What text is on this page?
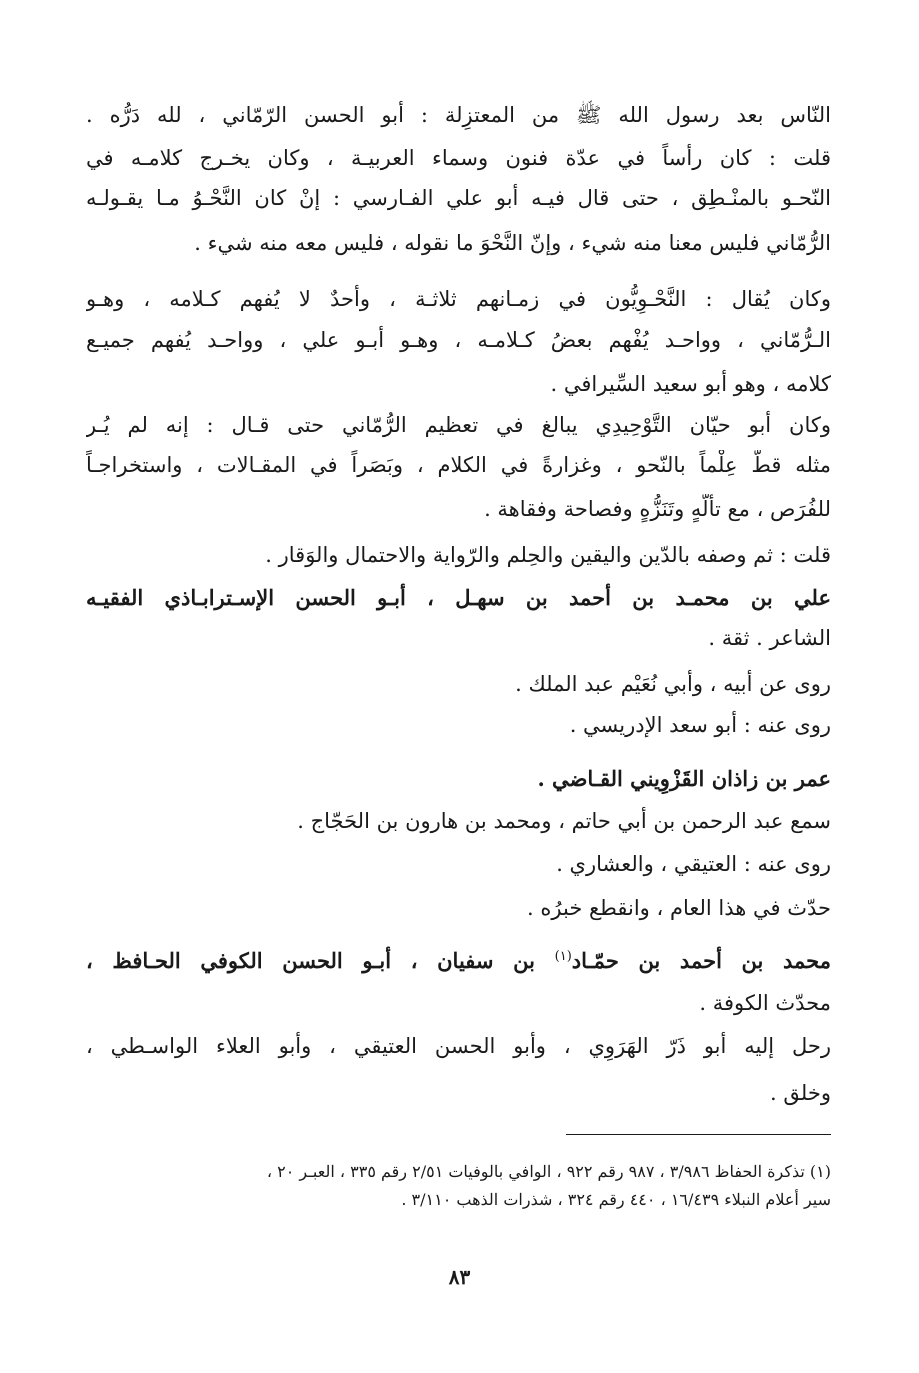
النّاس بعد رسول الله ﷺ من المعتزِلة : أبو الحسن الرّمّاني ، لله دَرُّه .
قلت : كان رأساً في عدّة فنون وسماء العربيـة ، وكان يخـرج كلامـه في
النّحـو بالمنْـطِق ، حتى قال فيـه أبو علي الفـارسي : إنْ كان النَّحْـوُ مـا يقـولـه
الرُّمّاني فليس معنا منه شيء ، وإنّ النَّحْوَ ما نقوله ، فليس معه منه شيء .
وكان يُقال : النَّحْـوِيُّون في زمـانهم ثلاثـة ، وأحدٌ لا يُفهم كـلامه ، وهـو
الـرُّمّاني ، وواحـد يُفْهم بعضُ كـلامـه ، وهـو أبـو علي ، وواحـد يُفهم جميـع
كلامه ، وهو أبو سعيد السِّيرافي .
وكان أبو حيّان التَّوْحِيدِي يبالغ في تعظيم الرُّمّاني حتى قـال : إنه لم يُـر
مثله قطّ عِلْماً بالنّحو ، وغزارةً في الكلام ، وبَصَراً في المقـالات ، واستخراجـاً
للفُرَص ، مع تألُّهٍ وتَنَزُّهٍ وفصاحة وفقاهة .
قلت : ثم وصفه بالدّين واليقين والحِلم والرّواية والاحتمال والوَقار .
علي بن محمـد بن أحمد بن سهـل ، أبـو الحسن الإسـترابـاذي الفقيـه
الشاعر . ثقة .
روى عن أبيه ، وأبي نُعَيْم عبد الملك .
روى عنه : أبو سعد الإدريسي .
عمر بن زاذان القَزْوِيني القـاضي .
سمع عبد الرحمن بن أبي حاتم ، ومحمد بن هارون بن الحَجّاج .
روى عنه : العتيقي ، والعشاري .
حدّث في هذا العام ، وانقطع خبرُه .
محمد بن أحمد بن حمّـاد$^{(١)}$ بن سفيان ، أبـو الحسن الكوفي الحـافظ ،
محدّث الكوفة .
رحل إليه أبو ذَرّ الهَرَوِي ، وأبو الحسن العتيقي ، وأبو العلاء الواسـطي ،
وخلق .
(١) تذكرة الحفاظ ٣/٩٨٦ ، ٩٨٧ رقم ٩٢٢ ، الوافي بالوفيات ٢/٥١ رقم ٣٣٥ ، العبـر ٢٠ ،
سير أعلام النبلاء ١٦/٤٣٩ ، ٤٤٠ رقم ٣٢٤ ، شذرات الذهب ٣/١١٠ .
٨٣
